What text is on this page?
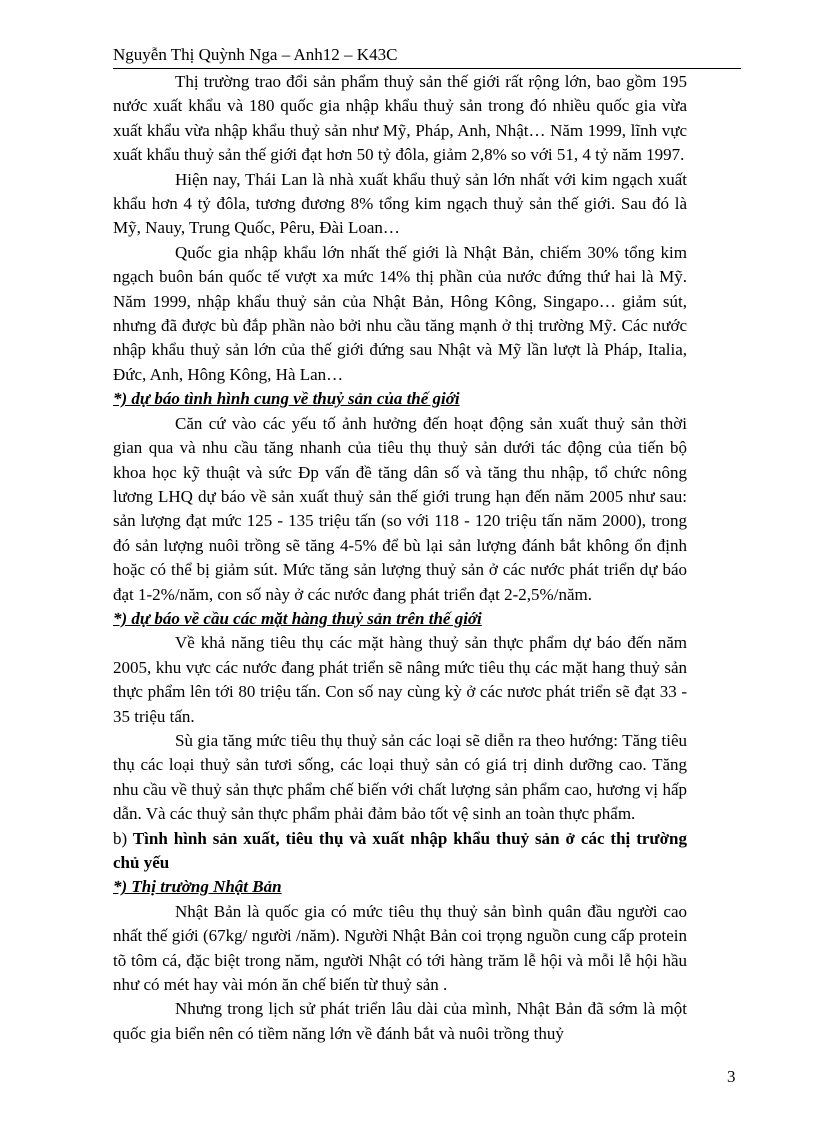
Nguyễn Thị Quỳnh Nga – Anh12 – K43C

Thị trường trao đổi sản phẩm thuỷ sản thế giới rất rộng lớn, bao gồm 195 nước xuất khẩu và 180 quốc gia nhập khẩu thuỷ sản trong đó nhiều quốc gia vừa xuất khẩu vừa nhập khẩu thuỷ sản như Mỹ, Pháp, Anh, Nhật… Năm 1999, lĩnh vực xuất khẩu thuỷ sản thế giới đạt hơn 50 tỷ đôla, giảm 2,8% so với 51, 4 tỷ năm 1997.

Hiện nay, Thái Lan là nhà xuất khẩu thuỷ sản lớn nhất với kim ngạch xuất khẩu hơn 4 tỷ đôla, tương đương 8% tổng kim ngạch thuỷ sản thế giới. Sau đó là Mỹ, Nauy, Trung Quốc, Pêru, Đài Loan…

Quốc gia nhập khẩu lớn nhất thế giới là Nhật Bản, chiếm 30% tổng kim ngạch buôn bán quốc tế vượt xa mức 14% thị phần của nước đứng thứ hai là Mỹ. Năm 1999, nhập khẩu thuỷ sản của Nhật Bản, Hông Kông, Singapo… giảm sút, nhưng đã được bù đắp phần nào bởi nhu cầu tăng mạnh ở thị trường Mỹ. Các nước nhập khẩu thuỷ sản lớn của thế giới đứng sau Nhật và Mỹ lần lượt là Pháp, Italia, Đức, Anh, Hông Kông, Hà Lan…

*) dự báo tình hình cung về thuỷ sản của thế giới

Căn cứ vào các yếu tố ảnh hưởng đến hoạt động sản xuất thuỷ sản thời gian qua và nhu cầu tăng nhanh của tiêu thụ thuỷ sản dưới tác động của tiến bộ khoa học kỹ thuật và sức Đp vấn đề tăng dân số và tăng thu nhập, tổ chức nông lương LHQ dự báo về sản xuất thuỷ sản thế giới trung hạn đến năm 2005 như sau: sản lượng đạt mức 125 - 135 triệu tấn (so với 118 - 120 triệu tấn năm 2000), trong đó sản lượng nuôi trồng sẽ tăng 4-5% để bù lại sản lượng đánh bắt không ổn định hoặc có thể bị giảm sút. Mức tăng sản lượng thuỷ sản ở các nước phát triển dự báo đạt 1-2%/năm, con số này ở các nước đang phát triển đạt 2-2,5%/năm.

*) dự báo về cầu các mặt hàng thuỷ sản trên thế giới

Về khả năng tiêu thụ các mặt hàng thuỷ sản thực phẩm dự báo đến năm 2005, khu vực các nước đang phát triển sẽ nâng mức tiêu thụ các mặt hang thuỷ sản thực phẩm lên tới 80 triệu tấn. Con số nay cùng kỳ ở các nươc phát triển sẽ đạt 33 - 35 triệu tấn.

Sù gia tăng mức tiêu thụ thuỷ sản các loại sẽ diễn ra theo hướng: Tăng tiêu thụ các loại thuỷ sản tươi sống, các loại thuỷ sản có giá trị dinh dưỡng cao. Tăng nhu cầu về thuỷ sản thực phẩm chế biến với chất lượng sản phẩm cao, hương vị hấp dẫn. Và các thuỷ sản thực phẩm phải đảm bảo tốt vệ sinh an toàn thực phẩm.

b) Tình hình sản xuất, tiêu thụ và xuất nhập khẩu thuỷ sản ở các thị trường chủ yếu
*) Thị trường Nhật Bản

Nhật Bản là quốc gia có mức tiêu thụ thuỷ sản bình quân đầu người cao nhất thế giới (67kg/ người /năm). Người Nhật Bản coi trọng nguồn cung cấp protein tõ tôm cá, đặc biệt trong năm, người Nhật có tới hàng trăm lễ hội và mỗi lễ hội hầu như có mét hay vài món ăn chế biến từ thuỷ sản .

Nhưng trong lịch sử phát triển lâu dài của mình, Nhật Bản đã sớm là một quốc gia biển nên có tiềm năng lớn về đánh bắt và nuôi trồng thuỷ

3
